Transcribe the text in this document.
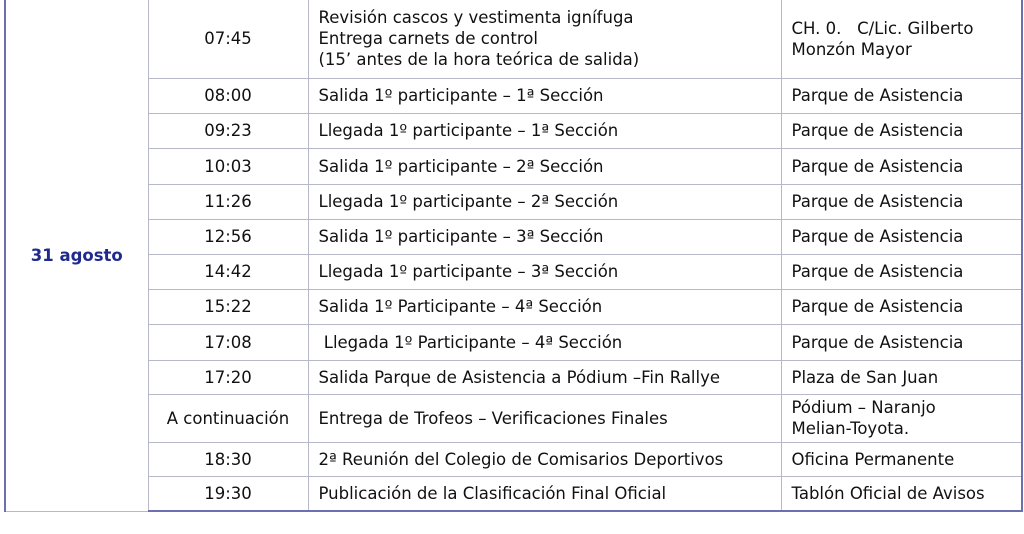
31 agosto	07:45	Revisión cascos y vestimenta ignífuga
Entrega carnets de control
(15’ antes de la hora teórica de salida)	CH. 0.   C/Lic. Gilberto
Monzón Mayor

	08:00	Salida 1º participante – 1ª Sección	Parque de Asistencia

	09:23	Llegada 1º participante – 1ª Sección	Parque de Asistencia

	10:03	Salida 1º participante – 2ª Sección	Parque de Asistencia

	11:26	Llegada 1º participante – 2ª Sección	Parque de Asistencia

	12:56	Salida 1º participante – 3ª Sección	Parque de Asistencia

	14:42	Llegada 1º participante – 3ª Sección	Parque de Asistencia

	15:22	Salida 1º Participante – 4ª Sección	Parque de Asistencia

	17:08	Llegada 1º Participante – 4ª Sección	Parque de Asistencia

	17:20	Salida Parque de Asistencia a Pódium –Fin Rallye	Plaza de San Juan

	A continuación	Entrega de Trofeos – Verificaciones Finales	Pódium – Naranjo
Melian-Toyota.

	18:30	2ª Reunión del Colegio de Comisarios Deportivos	Oficina Permanente

	19:30	Publicación de la Clasificación Final Oficial	Tablón Oficial de Avisos
